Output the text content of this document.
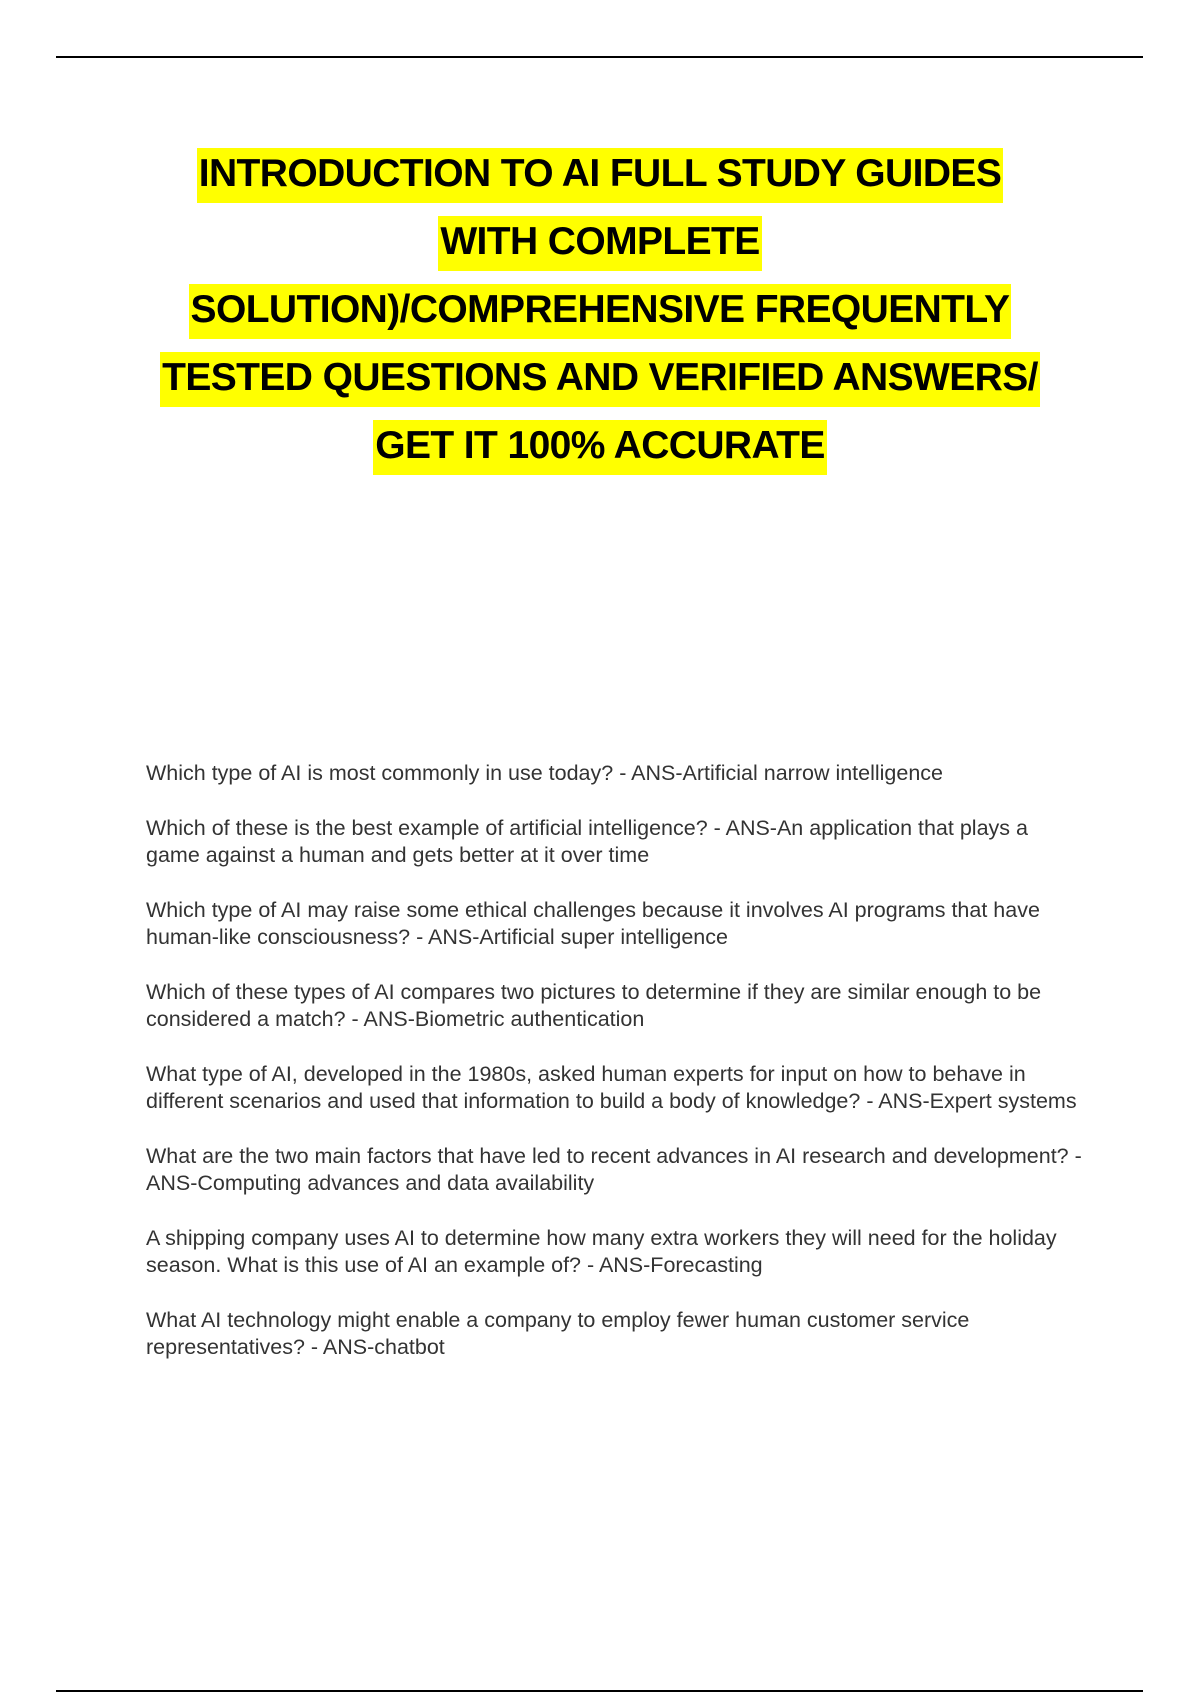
INTRODUCTION TO AI FULL STUDY GUIDES
WITH COMPLETE
SOLUTION)/COMPREHENSIVE FREQUENTLY
TESTED QUESTIONS AND VERIFIED ANSWERS/
GET IT 100% ACCURATE

Which type of AI is most commonly in use today? - ANS-Artificial narrow intelligence

Which of these is the best example of artificial intelligence? - ANS-An application that plays a game against a human and gets better at it over time

Which type of AI may raise some ethical challenges because it involves AI programs that have human-like consciousness? - ANS-Artificial super intelligence

Which of these types of AI compares two pictures to determine if they are similar enough to be considered a match? - ANS-Biometric authentication

What type of AI, developed in the 1980s, asked human experts for input on how to behave in different scenarios and used that information to build a body of knowledge? - ANS-Expert systems

What are the two main factors that have led to recent advances in AI research and development? - ANS-Computing advances and data availability

A shipping company uses AI to determine how many extra workers they will need for the holiday season. What is this use of AI an example of? - ANS-Forecasting

What AI technology might enable a company to employ fewer human customer service representatives? - ANS-chatbot
